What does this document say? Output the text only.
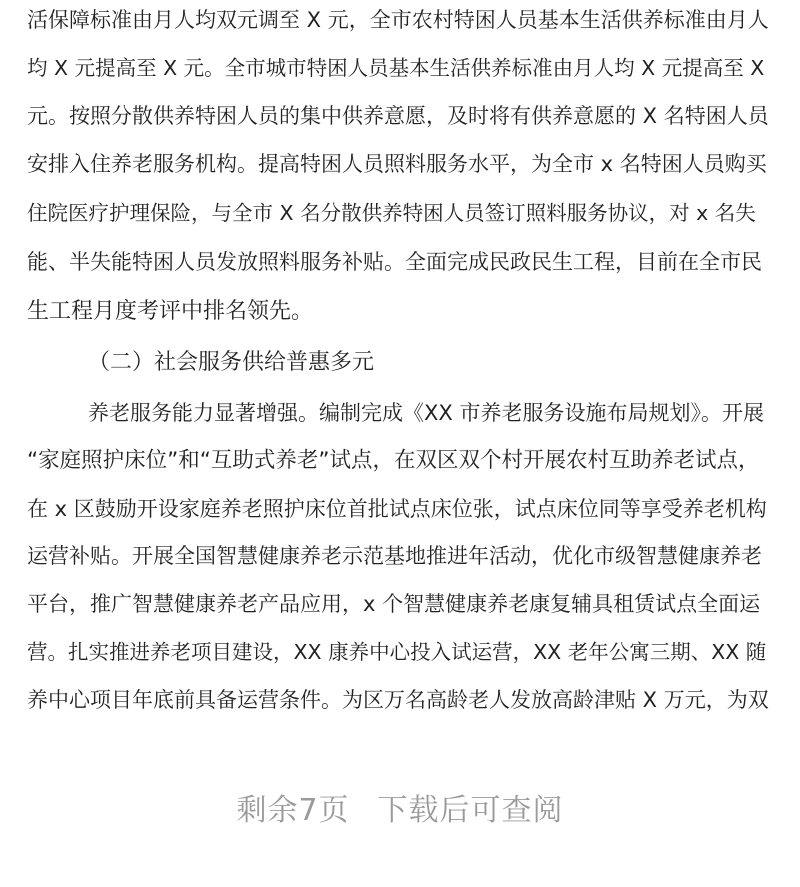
活保障标准由月人均双元调至 X 元，全市农村特困人员基本生活供养标准由月人
均 X 元提高至 X 元。全市城市特困人员基本生活供养标准由月人均 X 元提高至 X
元。按照分散供养特困人员的集中供养意愿，及时将有供养意愿的 X 名特困人员
安排入住养老服务机构。提高特困人员照料服务水平，为全市 x 名特困人员购买
住院医疗护理保险，与全市 X 名分散供养特困人员签订照料服务协议，对 x 名失
能、半失能特困人员发放照料服务补贴。全面完成民政民生工程，目前在全市民
生工程月度考评中排名领先。
（二）社会服务供给普惠多元
养老服务能力显著增强。编制完成《XX 市养老服务设施布局规划》。开展
“家庭照护床位”和“互助式养老”试点，在双区双个村开展农村互助养老试点，
在 x 区鼓励开设家庭养老照护床位首批试点床位张，试点床位同等享受养老机构
运营补贴。开展全国智慧健康养老示范基地推进年活动，优化市级智慧健康养老
平台，推广智慧健康养老产品应用，x 个智慧健康养老康复辅具租赁试点全面运
营。扎实推进养老项目建设，XX 康养中心投入试运营，XX 老年公寓三期、XX 随
养中心项目年底前具备运营条件。为区万名高龄老人发放高龄津贴 X 万元，为双
剩余7页 下载后可查阅
